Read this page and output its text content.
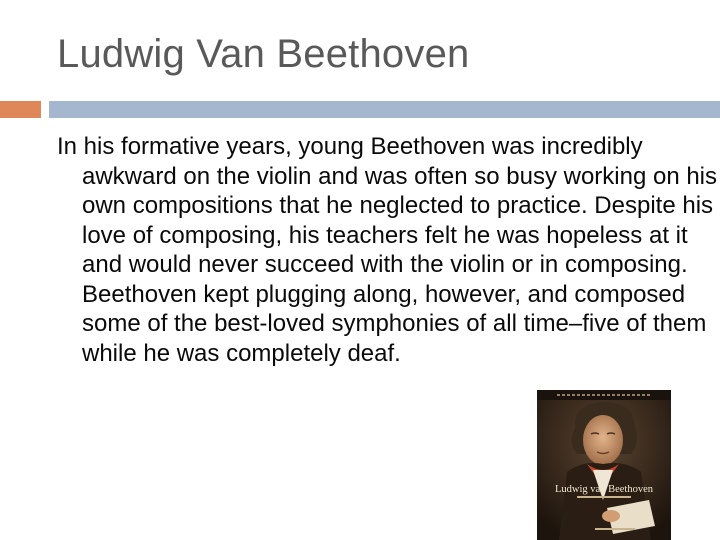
Ludwig Van Beethoven

In his formative years, young Beethoven was incredibly awkward on the violin and was often so busy working on his own compositions that he neglected to practice. Despite his love of composing, his teachers felt he was hopeless at it and would never succeed with the violin or in composing. Beethoven kept plugging along, however, and composed some of the best-loved symphonies of all time–five of them while he was completely deaf.

Ludwig van Beethoven
